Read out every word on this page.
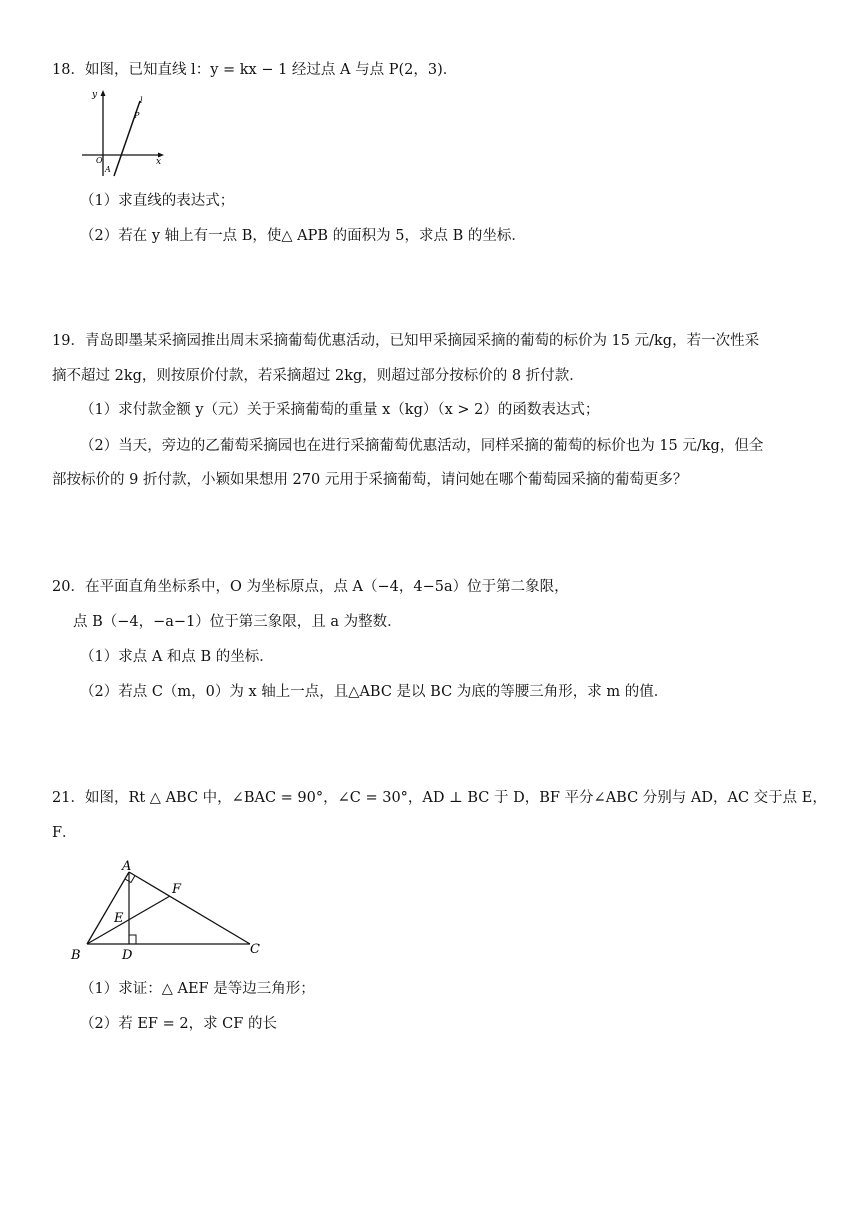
18．如图，已知直线 l：y = kx − 1 经过点 A 与点 P(2，3)．
y
x
O
A
P
l
（1）求直线的表达式；
（2）若在 y 轴上有一点 B，使△ APB 的面积为 5，求点 B 的坐标．
19．青岛即墨某采摘园推出周末采摘葡萄优惠活动，已知甲采摘园采摘的葡萄的标价为 15 元/kg，若一次性采
摘不超过 2kg，则按原价付款，若采摘超过 2kg，则超过部分按标价的 8 折付款．
（1）求付款金额 y（元）关于采摘葡萄的重量 x（kg）（x > 2）的函数表达式；
（2）当天，旁边的乙葡萄采摘园也在进行采摘葡萄优惠活动，同样采摘的葡萄的标价也为 15 元/kg，但全
部按标价的 9 折付款，小颖如果想用 270 元用于采摘葡萄，请问她在哪个葡萄园采摘的葡萄更多？
20．在平面直角坐标系中，O 为坐标原点，点 A（−4，4−5a）位于第二象限，
点 B（−4，−a−1）位于第三象限，且 a 为整数．
（1）求点 A 和点 B 的坐标．
（2）若点 C（m，0）为 x 轴上一点，且△ABC 是以 BC 为底的等腰三角形，求 m 的值．
21．如图，Rt △ ABC 中，∠BAC = 90°，∠C = 30°，AD ⊥ BC 于 D，BF 平分∠ABC 分别与 AD，AC 交于点 E，
F．
A
B	C
D
E
F
（1）求证：△ AEF 是等边三角形；
（2）若 EF = 2，求 CF 的长
